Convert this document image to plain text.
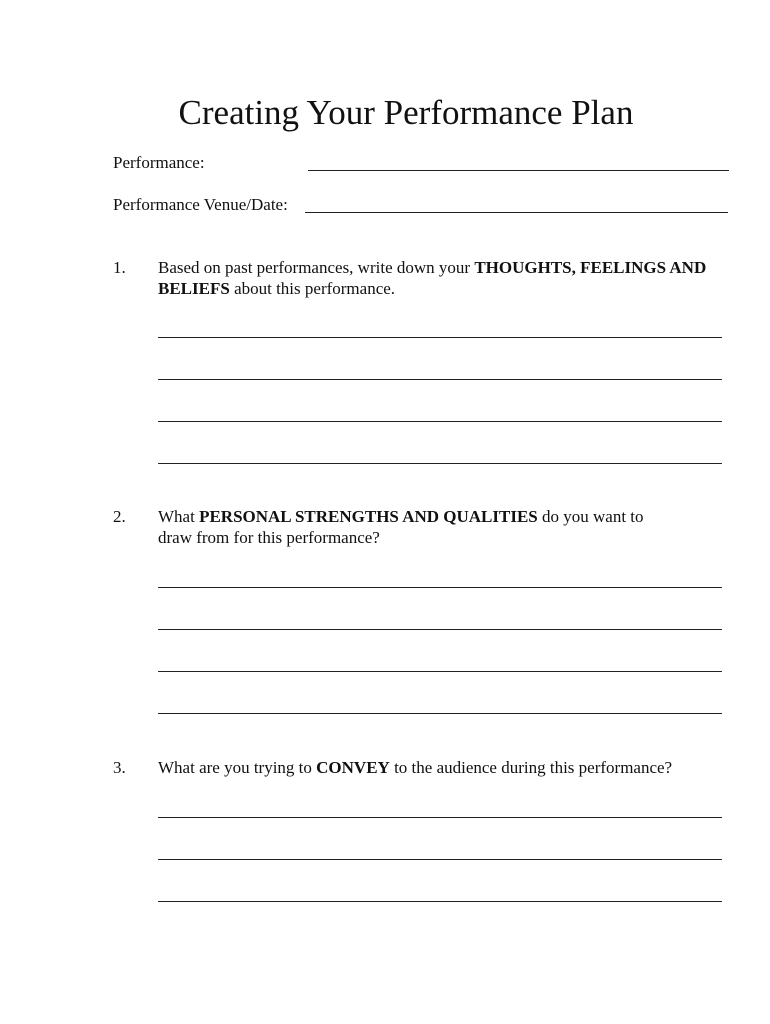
Creating Your Performance Plan
Performance:
Performance Venue/Date:
1. Based on past performances, write down your THOUGHTS, FEELINGS AND BELIEFS about this performance.
2. What PERSONAL STRENGTHS AND QUALITIES do you want to draw from for this performance?
3. What are you trying to CONVEY to the audience during this performance?
